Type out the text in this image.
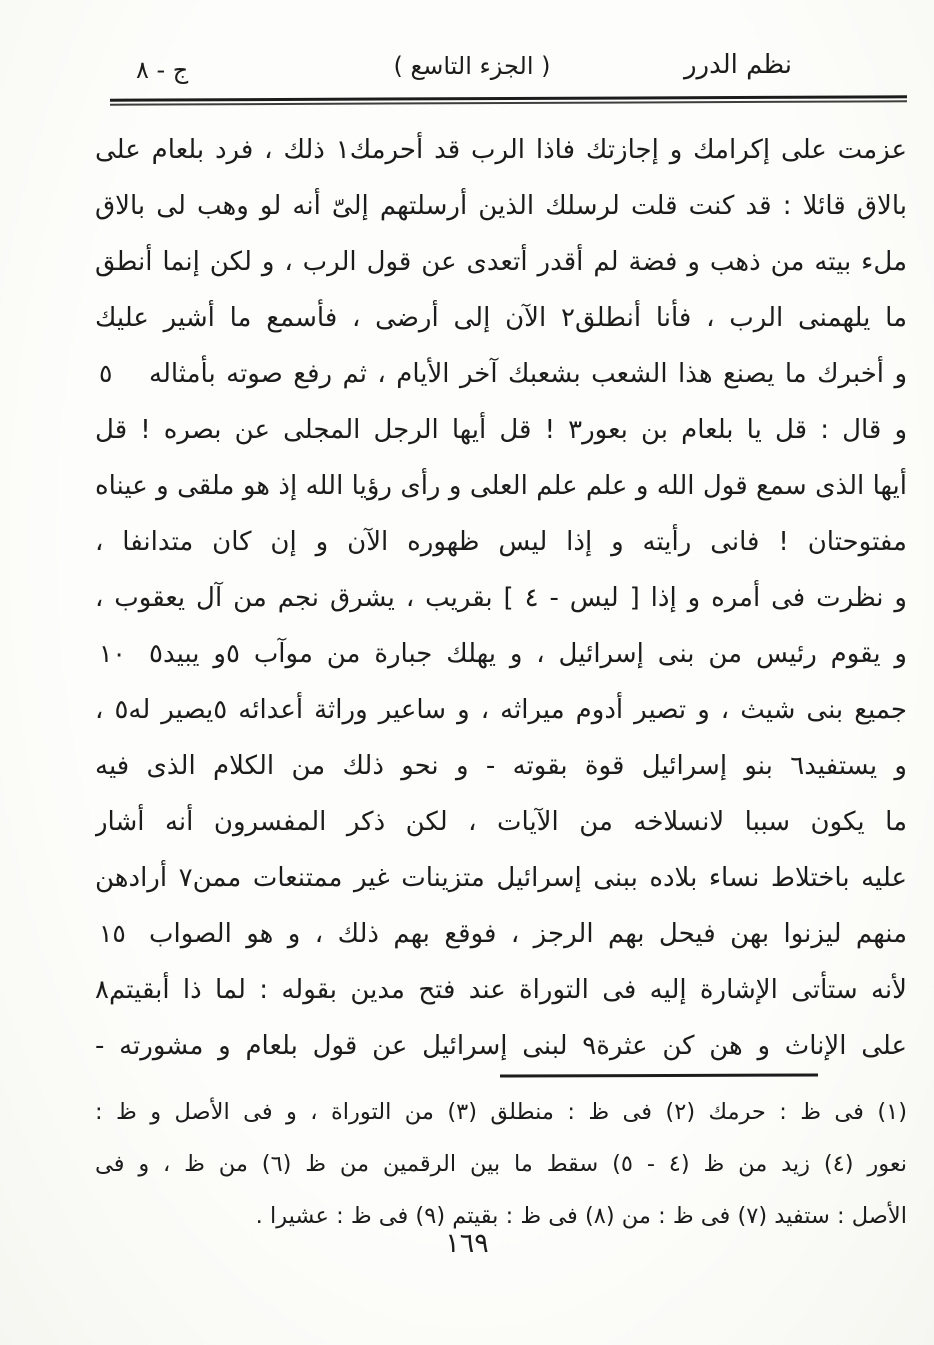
نظم الدرر
( الجزء التاسع )
ج - ٨
عزمت على إكرامك و إجازتك فاذا الرب قد أحرمك١ ذلك ، فرد بلعام على
بالاق قائلا : قد كنت قلت لرسلك الذين أرسلتهم إلىّ أنه لو وهب لى بالاق
ملء بيته من ذهب و فضة لم أقدر أتعدى عن قول الرب ، و لكن إنما أنطق
ما يلهمنى الرب ، فأنا أنطلق٢ الآن إلى أرضى ، فأسمع ما أشير عليك
٥ و أخبرك ما يصنع هذا الشعب بشعبك آخر الأيام ، ثم رفع صوته بأمثاله
و قال : قل يا بلعام بن بعور٣ ! قل أيها الرجل المجلى عن بصره ! قل
أيها الذى سمع قول الله و علم علم العلى و رأى رؤيا الله إذ هو ملقى و عيناه
مفتوحتان ! فانى رأيته و إذا ليس ظهوره الآن و إن كان متدانفا ،
و نظرت فى أمره و إذا [ ليس - ٤ ] بقريب ، يشرق نجم من آل يعقوب ،
١٠ و يقوم رئيس من بنى إسرائيل ، و يهلك جبارة من موآب ٥و يبيد٥
جميع بنى شيث ، و تصير أدوم ميراثه ، و ساعير وراثة أعدائه ٥يصير له٥ ،
و يستفيد٦ بنو إسرائيل قوة بقوته - و نحو ذلك من الكلام الذى فيه
ما يكون سببا لانسلاخه من الآيات ، لكن ذكر المفسرون أنه أشار
عليه باختلاط نساء بلاده ببنى إسرائيل متزينات غير ممتنعات ممن٧ أرادهن
١٥ منهم ليزنوا بهن فيحل بهم الرجز ، فوقع بهم ذلك ، و هو الصواب
لأنه ستأتى الإشارة إليه فى التوراة عند فتح مدين بقوله : لما ذا أبقيتم٨
على الإناث و هن كن عثرة٩ لبنى إسرائيل عن قول بلعام و مشورته -
(١) فى ظ : حرمك (٢) فى ظ : منطلق (٣) من التوراة ، و فى الأصل و ظ :
نعور (٤) زيد من ظ (٤ - ٥) سقط ما بين الرقمين من ظ (٦) من ظ ، و فى
الأصل : ستفيد (٧) فى ظ : من (٨) فى ظ : بقيتم (٩) فى ظ : عشيرا .
١٦٩
